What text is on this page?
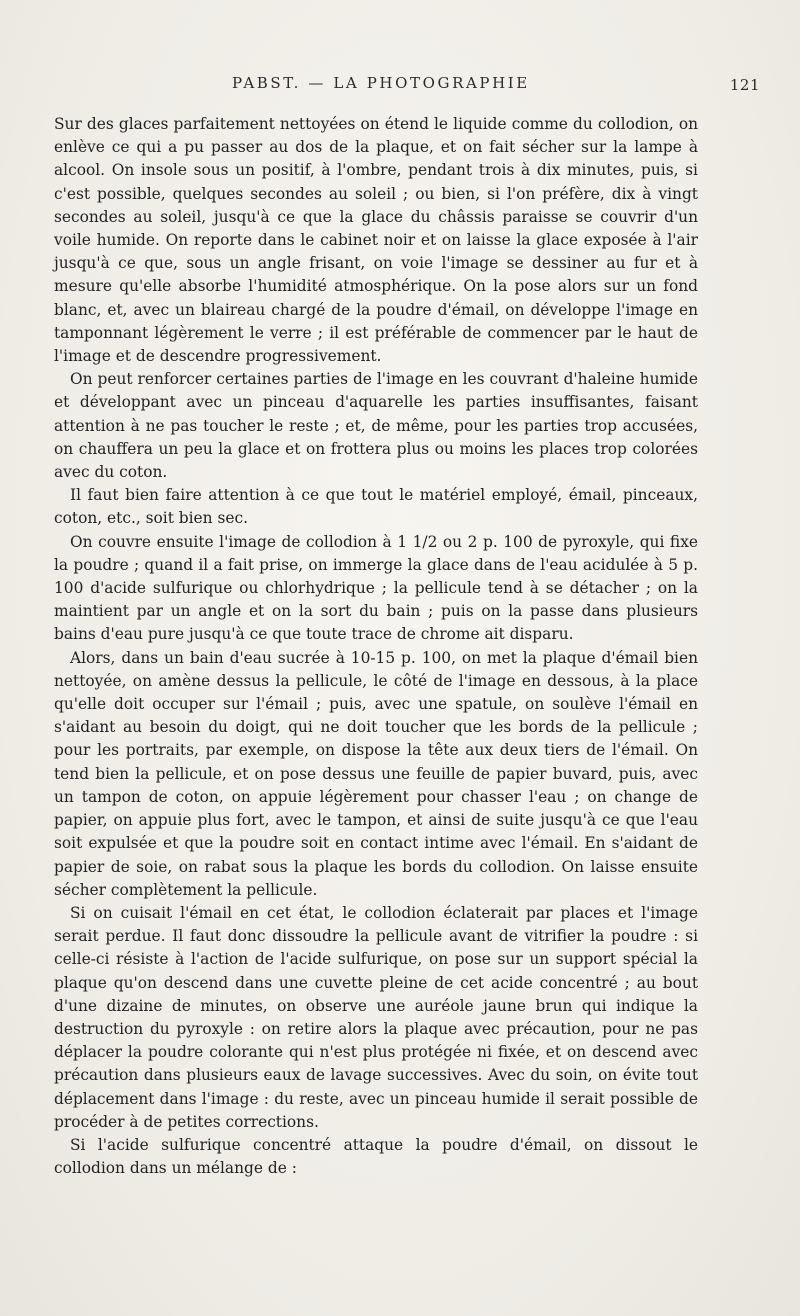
PABST. — LA PHOTOGRAPHIE	121

Sur des glaces parfaitement nettoyées on étend le liquide comme du collodion, on enlève ce qui a pu passer au dos de la plaque, et on fait sécher sur la lampe à alcool. On insole sous un positif, à l'ombre, pendant trois à dix minutes, puis, si c'est possible, quelques secondes au soleil ; ou bien, si l'on préfère, dix à vingt secondes au soleil, jusqu'à ce que la glace du châssis paraisse se couvrir d'un voile humide. On reporte dans le cabinet noir et on laisse la glace exposée à l'air jusqu'à ce que, sous un angle frisant, on voie l'image se dessiner au fur et à mesure qu'elle absorbe l'humidité atmosphérique. On la pose alors sur un fond blanc, et, avec un blaireau chargé de la poudre d'émail, on développe l'image en tamponnant légèrement le verre ; il est préférable de commencer par le haut de l'image et de descendre progressivement.

On peut renforcer certaines parties de l'image en les couvrant d'haleine humide et développant avec un pinceau d'aquarelle les parties insuffisantes, faisant attention à ne pas toucher le reste ; et, de même, pour les parties trop accusées, on chauffera un peu la glace et on frottera plus ou moins les places trop colorées avec du coton.

Il faut bien faire attention à ce que tout le matériel employé, émail, pinceaux, coton, etc., soit bien sec.

On couvre ensuite l'image de collodion à 1 1/2 ou 2 p. 100 de pyroxyle, qui fixe la poudre ; quand il a fait prise, on immerge la glace dans de l'eau acidulée à 5 p. 100 d'acide sulfurique ou chlorhydrique ; la pellicule tend à se détacher ; on la maintient par un angle et on la sort du bain ; puis on la passe dans plusieurs bains d'eau pure jusqu'à ce que toute trace de chrome ait disparu.

Alors, dans un bain d'eau sucrée à 10-15 p. 100, on met la plaque d'émail bien nettoyée, on amène dessus la pellicule, le côté de l'image en dessous, à la place qu'elle doit occuper sur l'émail ; puis, avec une spatule, on soulève l'émail en s'aidant au besoin du doigt, qui ne doit toucher que les bords de la pellicule ; pour les portraits, par exemple, on dispose la tête aux deux tiers de l'émail. On tend bien la pellicule, et on pose dessus une feuille de papier buvard, puis, avec un tampon de coton, on appuie légèrement pour chasser l'eau ; on change de papier, on appuie plus fort, avec le tampon, et ainsi de suite jusqu'à ce que l'eau soit expulsée et que la poudre soit en contact intime avec l'émail. En s'aidant de papier de soie, on rabat sous la plaque les bords du collodion. On laisse ensuite sécher complètement la pellicule.

Si on cuisait l'émail en cet état, le collodion éclaterait par places et l'image serait perdue. Il faut donc dissoudre la pellicule avant de vitrifier la poudre : si celle-ci résiste à l'action de l'acide sulfurique, on pose sur un support spécial la plaque qu'on descend dans une cuvette pleine de cet acide concentré ; au bout d'une dizaine de minutes, on observe une auréole jaune brun qui indique la destruction du pyroxyle : on retire alors la plaque avec précaution, pour ne pas déplacer la poudre colorante qui n'est plus protégée ni fixée, et on descend avec précaution dans plusieurs eaux de lavage successives. Avec du soin, on évite tout déplacement dans l'image : du reste, avec un pinceau humide il serait possible de procéder à de petites corrections.

Si l'acide sulfurique concentré attaque la poudre d'émail, on dissout le collodion dans un mélange de :
